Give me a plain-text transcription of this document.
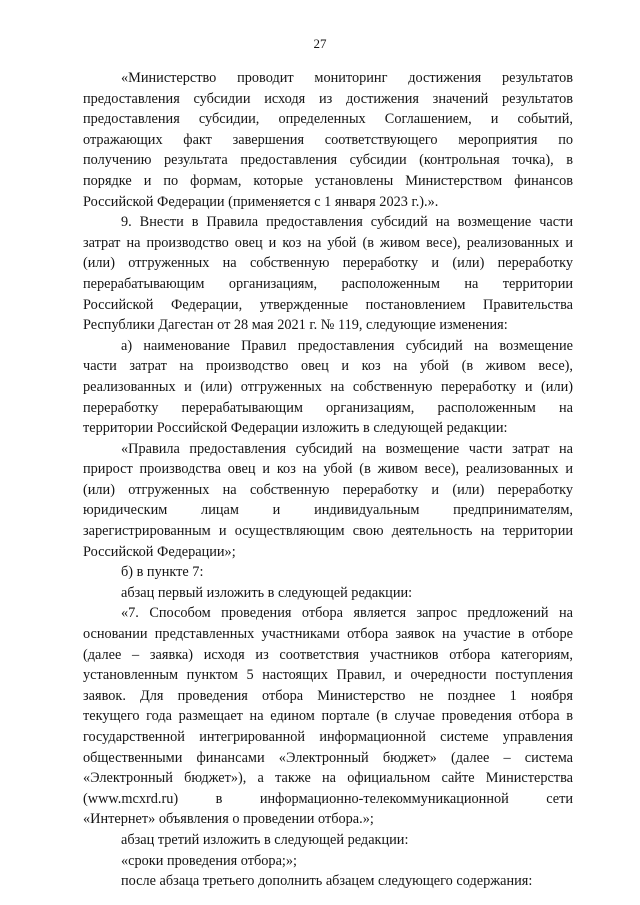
27
«Министерство проводит мониторинг достижения результатов
предоставления субсидии исходя из достижения значений результатов
предоставления субсидии, определенных Соглашением, и событий,
отражающих факт завершения соответствующего мероприятия по
получению результата предоставления субсидии (контрольная точка), в
порядке и по формам, которые установлены Министерством финансов
Российской Федерации (применяется с 1 января 2023 г.).».
9. Внести в Правила предоставления субсидий на возмещение части
затрат на производство овец и коз на убой (в живом весе), реализованных и
(или) отгруженных на собственную переработку и (или) переработку
перерабатывающим организациям, расположенным на территории
Российской Федерации, утвержденные постановлением Правительства
Республики Дагестан от 28 мая 2021 г. № 119, следующие изменения:
а) наименование Правил предоставления субсидий на возмещение
части затрат на производство овец и коз на убой (в живом весе),
реализованных и (или) отгруженных на собственную переработку и (или)
переработку перерабатывающим организациям, расположенным на
территории Российской Федерации изложить в следующей редакции:
«Правила предоставления субсидий на возмещение части затрат на
прирост производства овец и коз на убой (в живом весе), реализованных и
(или) отгруженных на собственную переработку и (или) переработку
юридическим лицам и индивидуальным предпринимателям,
зарегистрированным и осуществляющим свою деятельность на территории
Российской Федерации»;
б) в пункте 7:
абзац первый изложить в следующей редакции:
«7. Способом проведения отбора является запрос предложений на
основании представленных участниками отбора заявок на участие в отборе
(далее – заявка) исходя из соответствия участников отбора категориям,
установленным пунктом 5 настоящих Правил, и очередности поступления
заявок. Для проведения отбора Министерство не позднее 1 ноября
текущего года размещает на едином портале (в случае проведения отбора в
государственной интегрированной информационной системе управления
общественными финансами «Электронный бюджет» (далее – система
«Электронный бюджет»), а также на официальном сайте Министерства
(www.mcxrd.ru) в информационно-телекоммуникационной сети
«Интернет» объявления о проведении отбора.»;
абзац третий изложить в следующей редакции:
«сроки проведения отбора;»;
после абзаца третьего дополнить абзацем следующего содержания:
